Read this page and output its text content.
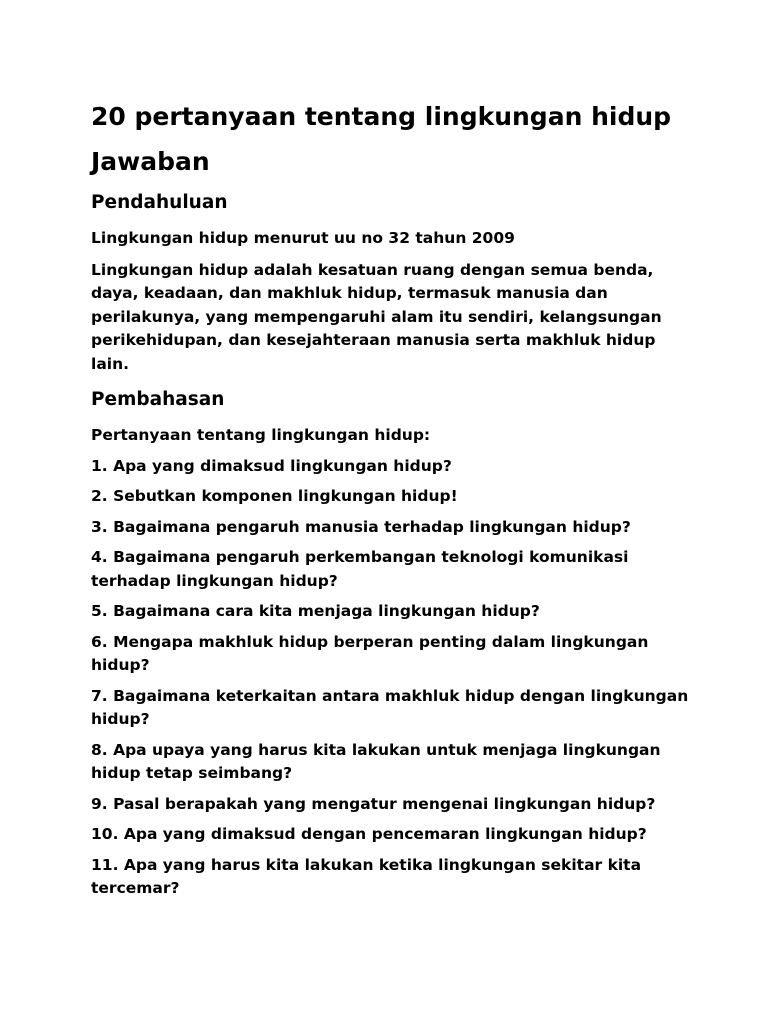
20 pertanyaan tentang lingkungan hidup Jawaban
Pendahuluan

Lingkungan hidup menurut uu no 32 tahun 2009

Lingkungan hidup adalah kesatuan ruang dengan semua benda, daya, keadaan, dan makhluk hidup, termasuk manusia dan perilakunya, yang mempengaruhi alam itu sendiri, kelangsungan perikehidupan, dan kesejahteraan manusia serta makhluk hidup lain.

Pembahasan

Pertanyaan tentang lingkungan hidup:

1. Apa yang dimaksud lingkungan hidup?
2. Sebutkan komponen lingkungan hidup!
3. Bagaimana pengaruh manusia terhadap lingkungan hidup?
4. Bagaimana pengaruh perkembangan teknologi komunikasi terhadap lingkungan hidup?
5. Bagaimana cara kita menjaga lingkungan hidup?
6. Mengapa makhluk hidup berperan penting dalam lingkungan hidup?
7. Bagaimana keterkaitan antara makhluk hidup dengan lingkungan hidup?
8. Apa upaya yang harus kita lakukan untuk menjaga lingkungan hidup tetap seimbang?
9. Pasal berapakah yang mengatur mengenai lingkungan hidup?
10. Apa yang dimaksud dengan pencemaran lingkungan hidup?
11. Apa yang harus kita lakukan ketika lingkungan sekitar kita tercemar?
